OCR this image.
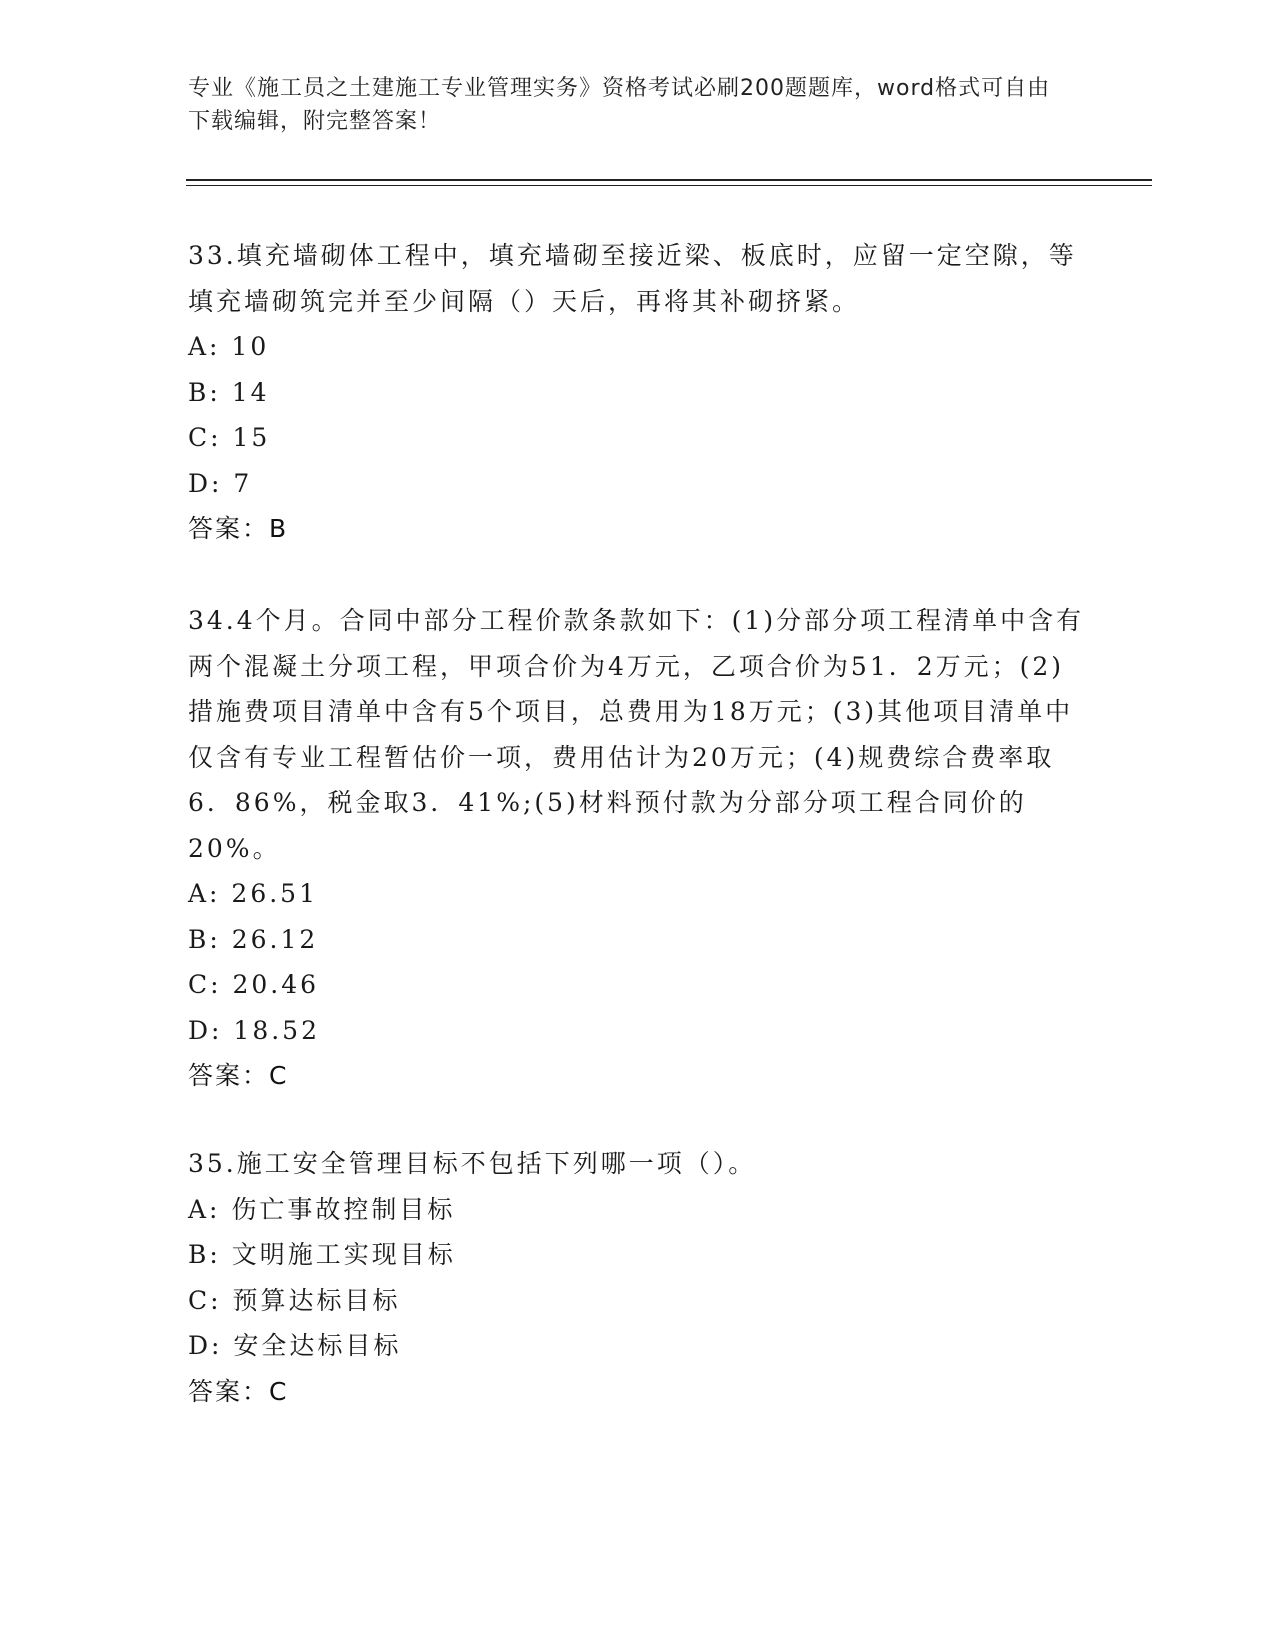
专业《施工员之土建施工专业管理实务》资格考试必刷200题题库，word格式可自由下载编辑，附完整答案！
33.填充墙砌体工程中，填充墙砌至接近梁、板底时，应留一定空隙，等填充墙砌筑完并至少间隔（）天后，再将其补砌挤紧。
A: 10
B: 14
C: 15
D: 7
答案：B
34.4个月。合同中部分工程价款条款如下：(1)分部分项工程清单中含有两个混凝土分项工程，甲项合价为4万元，乙项合价为51．2万元；(2)措施费项目清单中含有5个项目，总费用为18万元；(3)其他项目清单中仅含有专业工程暂估价一项，费用估计为20万元；(4)规费综合费率取6．86%，税金取3．41%;(5)材料预付款为分部分项工程合同价的20%。
A: 26.51
B: 26.12
C: 20.46
D: 18.52
答案：C
35.施工安全管理目标不包括下列哪一项（）。
A: 伤亡事故控制目标
B: 文明施工实现目标
C: 预算达标目标
D: 安全达标目标
答案：C
